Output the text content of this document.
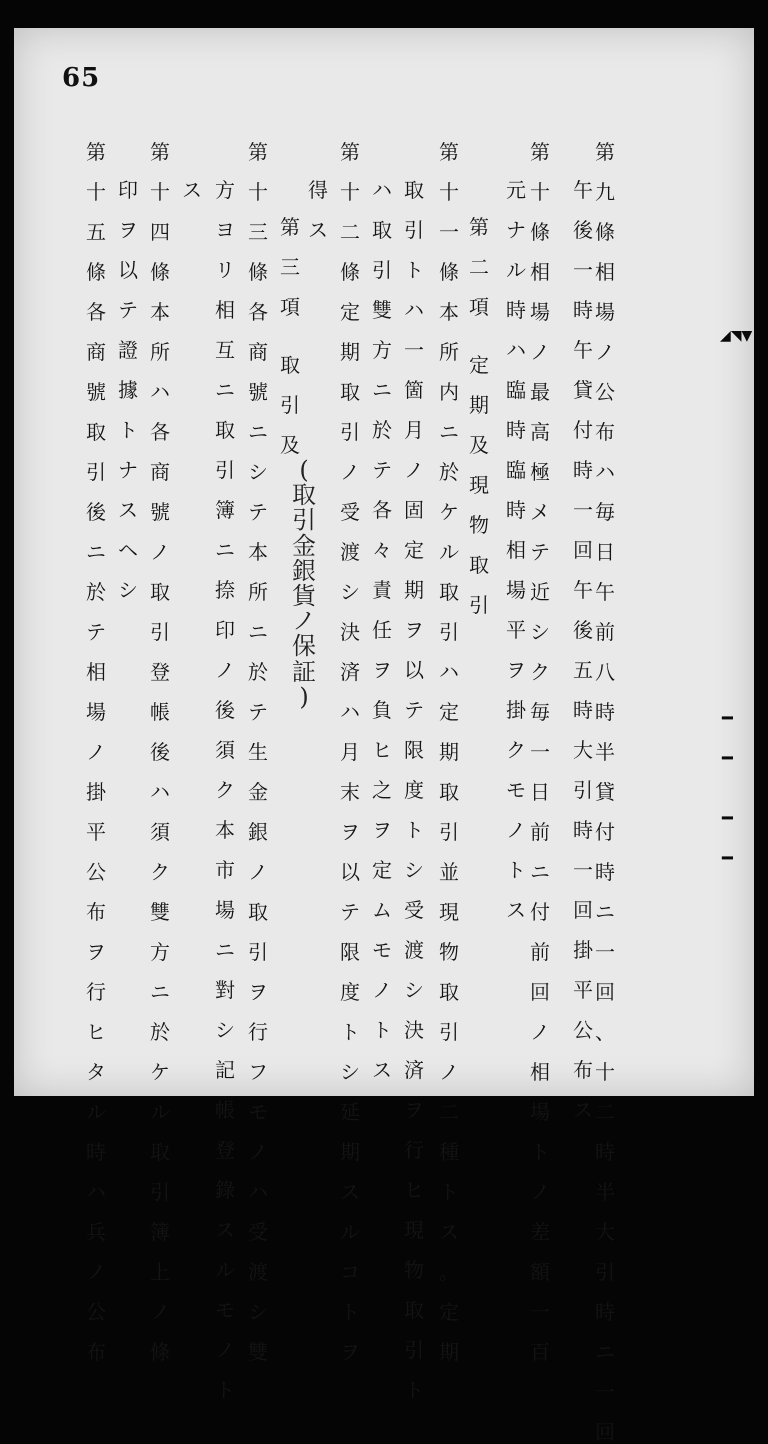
65
第
九
條
相
場
ノ
公
布
ハ
毎
日
午
前
八
時
半
貸
付
時
ニ
一
回
、
十
二
時
半
大
引
時
ニ
一
回
午
後
一
時
午
貸
付
時
一
回
午
後
五
時
大
引
時
一
回
掛
平
公
布
ス
第
十
條
相
場
ノ
最
高
極
メ
テ
近
シ
ク
毎
一
日
前
ニ
付
前
回
ノ
相
場
ト
ノ
差
額
一
百
元
ナ
ル
時
ハ
臨
時
臨
時
相
場
平
ヲ
掛
ク
モ
ノ
ト
ス
第
二
項
定
期
及
現
物
取
引
第
十
一
條
本
所
内
ニ
於
ケ
ル
取
引
ハ
定
期
取
引
並
現
物
取
引
ノ
二
種
ト
ス
。
定
期
取
引
ト
ハ
一
箇
月
ノ
固
定
期
ヲ
以
テ
限
度
ト
シ
受
渡
シ
決
済
ヲ
行
ヒ
現
物
取
引
ト
ハ
取
引
雙
方
ニ
於
テ
各
々
責
任
ヲ
負
ヒ
之
ヲ
定
ム
モ
ノ
ト
ス
第
十
二
條
定
期
取
引
ノ
受
渡
シ
決
済
ハ
月
末
ヲ
以
テ
限
度
ト
シ
延
期
ス
ル
コ
ト
ヲ
得
ス
第
三
項
取
引
及
第
十
三
條
各
商
號
ニ
シ
テ
本
所
ニ
於
テ
生
金
銀
ノ
取
引
ヲ
行
フ
モ
ノ
ハ
受
渡
シ
雙
方
ヨ
リ
相
互
ニ
取
引
簿
ニ
捺
印
ノ
後
須
ク
本
市
場
ニ
對
シ
記
帳
登
錄
ス
ル
モ
ノ
ト
ス
第
十
四
條
本
所
ハ
各
商
號
ノ
取
引
登
帳
後
ハ
須
ク
雙
方
ニ
於
ケ
ル
取
引
簿
上
ノ
條
印
ヲ
以
テ
證
據
ト
ナ
ス
ヘ
シ
第
十
五
條
各
商
號
取
引
後
ニ
於
テ
相
場
ノ
掛
平
公
布
ヲ
行
ヒ
タ
ル
時
ハ
兵
ノ
公
布
(
取
引
金
銀
貨
ノ
保
証
)
◢◥▼
━
━
━
━
